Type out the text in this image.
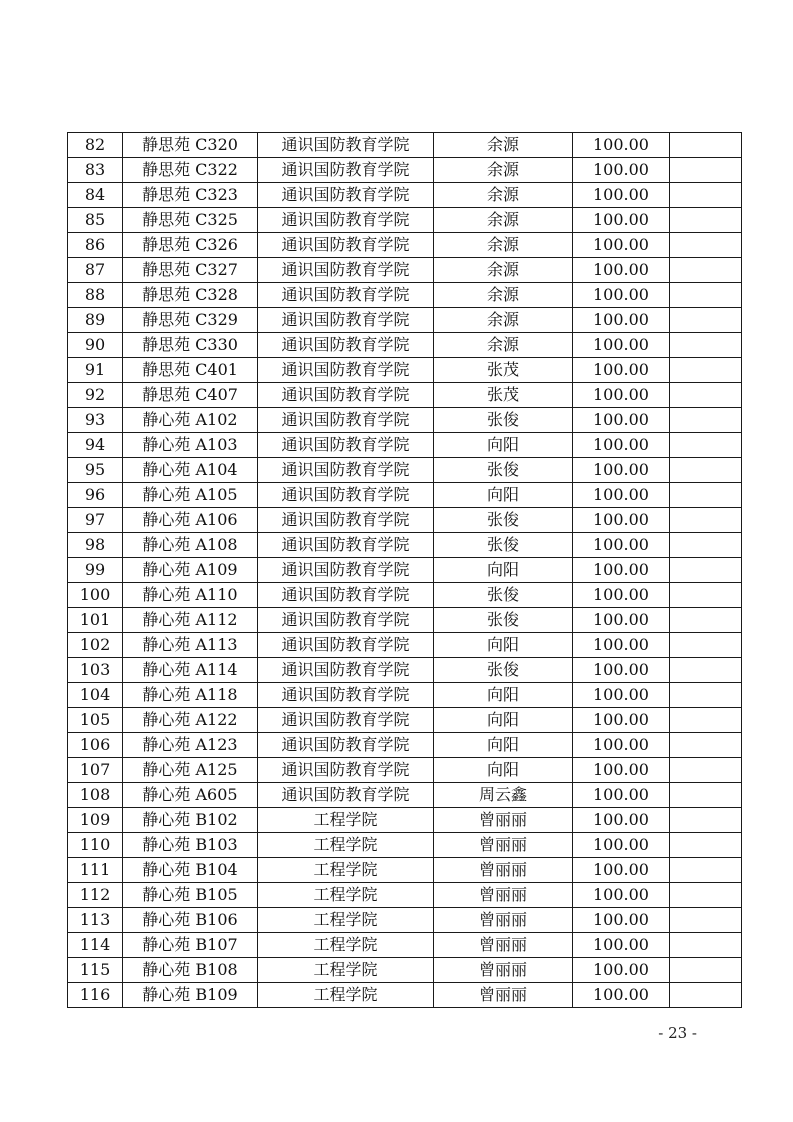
82	静思苑 C320	通识国防教育学院	余源	100.00	
83	静思苑 C322	通识国防教育学院	余源	100.00	
84	静思苑 C323	通识国防教育学院	余源	100.00	
85	静思苑 C325	通识国防教育学院	余源	100.00	
86	静思苑 C326	通识国防教育学院	余源	100.00	
87	静思苑 C327	通识国防教育学院	余源	100.00	
88	静思苑 C328	通识国防教育学院	余源	100.00	
89	静思苑 C329	通识国防教育学院	余源	100.00	
90	静思苑 C330	通识国防教育学院	余源	100.00	
91	静思苑 C401	通识国防教育学院	张茂	100.00	
92	静思苑 C407	通识国防教育学院	张茂	100.00	
93	静心苑 A102	通识国防教育学院	张俊	100.00	
94	静心苑 A103	通识国防教育学院	向阳	100.00	
95	静心苑 A104	通识国防教育学院	张俊	100.00	
96	静心苑 A105	通识国防教育学院	向阳	100.00	
97	静心苑 A106	通识国防教育学院	张俊	100.00	
98	静心苑 A108	通识国防教育学院	张俊	100.00	
99	静心苑 A109	通识国防教育学院	向阳	100.00	
100	静心苑 A110	通识国防教育学院	张俊	100.00	
101	静心苑 A112	通识国防教育学院	张俊	100.00	
102	静心苑 A113	通识国防教育学院	向阳	100.00	
103	静心苑 A114	通识国防教育学院	张俊	100.00	
104	静心苑 A118	通识国防教育学院	向阳	100.00	
105	静心苑 A122	通识国防教育学院	向阳	100.00	
106	静心苑 A123	通识国防教育学院	向阳	100.00	
107	静心苑 A125	通识国防教育学院	向阳	100.00	
108	静心苑 A605	通识国防教育学院	周云鑫	100.00	
109	静心苑 B102	工程学院	曾丽丽	100.00	
110	静心苑 B103	工程学院	曾丽丽	100.00	
111	静心苑 B104	工程学院	曾丽丽	100.00	
112	静心苑 B105	工程学院	曾丽丽	100.00	
113	静心苑 B106	工程学院	曾丽丽	100.00	
114	静心苑 B107	工程学院	曾丽丽	100.00	
115	静心苑 B108	工程学院	曾丽丽	100.00	
116	静心苑 B109	工程学院	曾丽丽	100.00	
- 23 -
